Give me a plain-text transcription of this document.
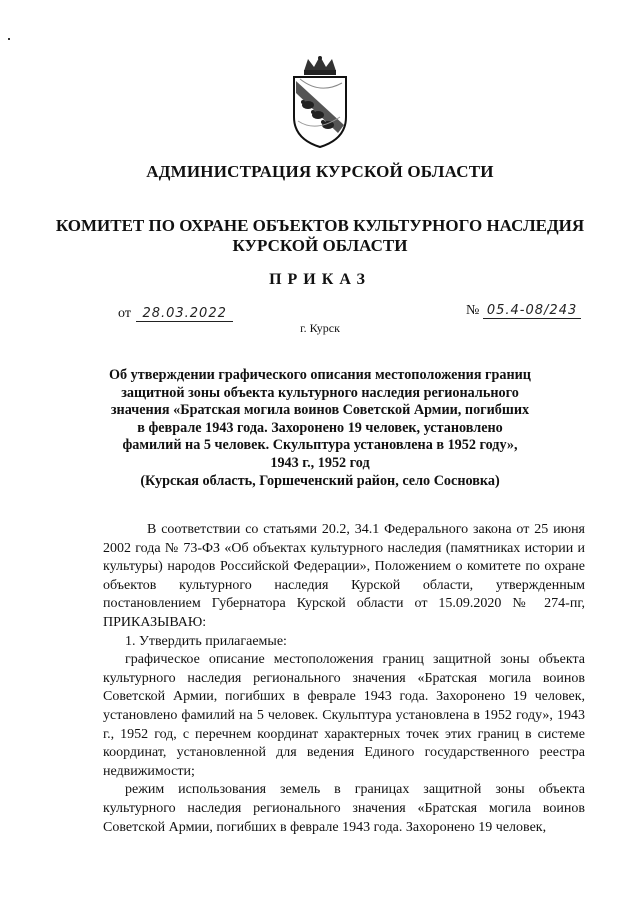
АДМИНИСТРАЦИЯ КУРСКОЙ ОБЛАСТИ
КОМИТЕТ ПО ОХРАНЕ ОБЪЕКТОВ КУЛЬТУРНОГО НАСЛЕДИЯ
КУРСКОЙ ОБЛАСТИ
ПРИКАЗ
от 28.03.2022	№ 05.4-08/243
г. Курск
Об утверждении графического описания местоположения границ
защитной зоны объекта культурного наследия регионального
значения «Братская могила воинов Советской Армии, погибших
в феврале 1943 года. Захоронено 19 человек, установлено
фамилий на 5 человек. Скульптура установлена в 1952 году»,
1943 г., 1952 год
(Курская область, Горшеченский район, село Сосновка)

В соответствии со статьями 20.2, 34.1 Федерального закона от 25 июня 2002 года № 73-ФЗ «Об объектах культурного наследия (памятниках истории и культуры) народов Российской Федерации», Положением о комитете по охране объектов культурного наследия Курской области, утвержденным постановлением Губернатора Курской области от 15.09.2020 № 274-пг, ПРИКАЗЫВАЮ:

1. Утвердить прилагаемые:

графическое описание местоположения границ защитной зоны объекта культурного наследия регионального значения «Братская могила воинов Советской Армии, погибших в феврале 1943 года. Захоронено 19 человек, установлено фамилий на 5 человек. Скульптура установлена в 1952 году», 1943 г., 1952 год, с перечнем координат характерных точек этих границ в системе координат, установленной для ведения Единого государственного реестра недвижимости;

режим использования земель в границах защитной зоны объекта культурного наследия регионального значения «Братская могила воинов Советской Армии, погибших в феврале 1943 года. Захоронено 19 человек,
